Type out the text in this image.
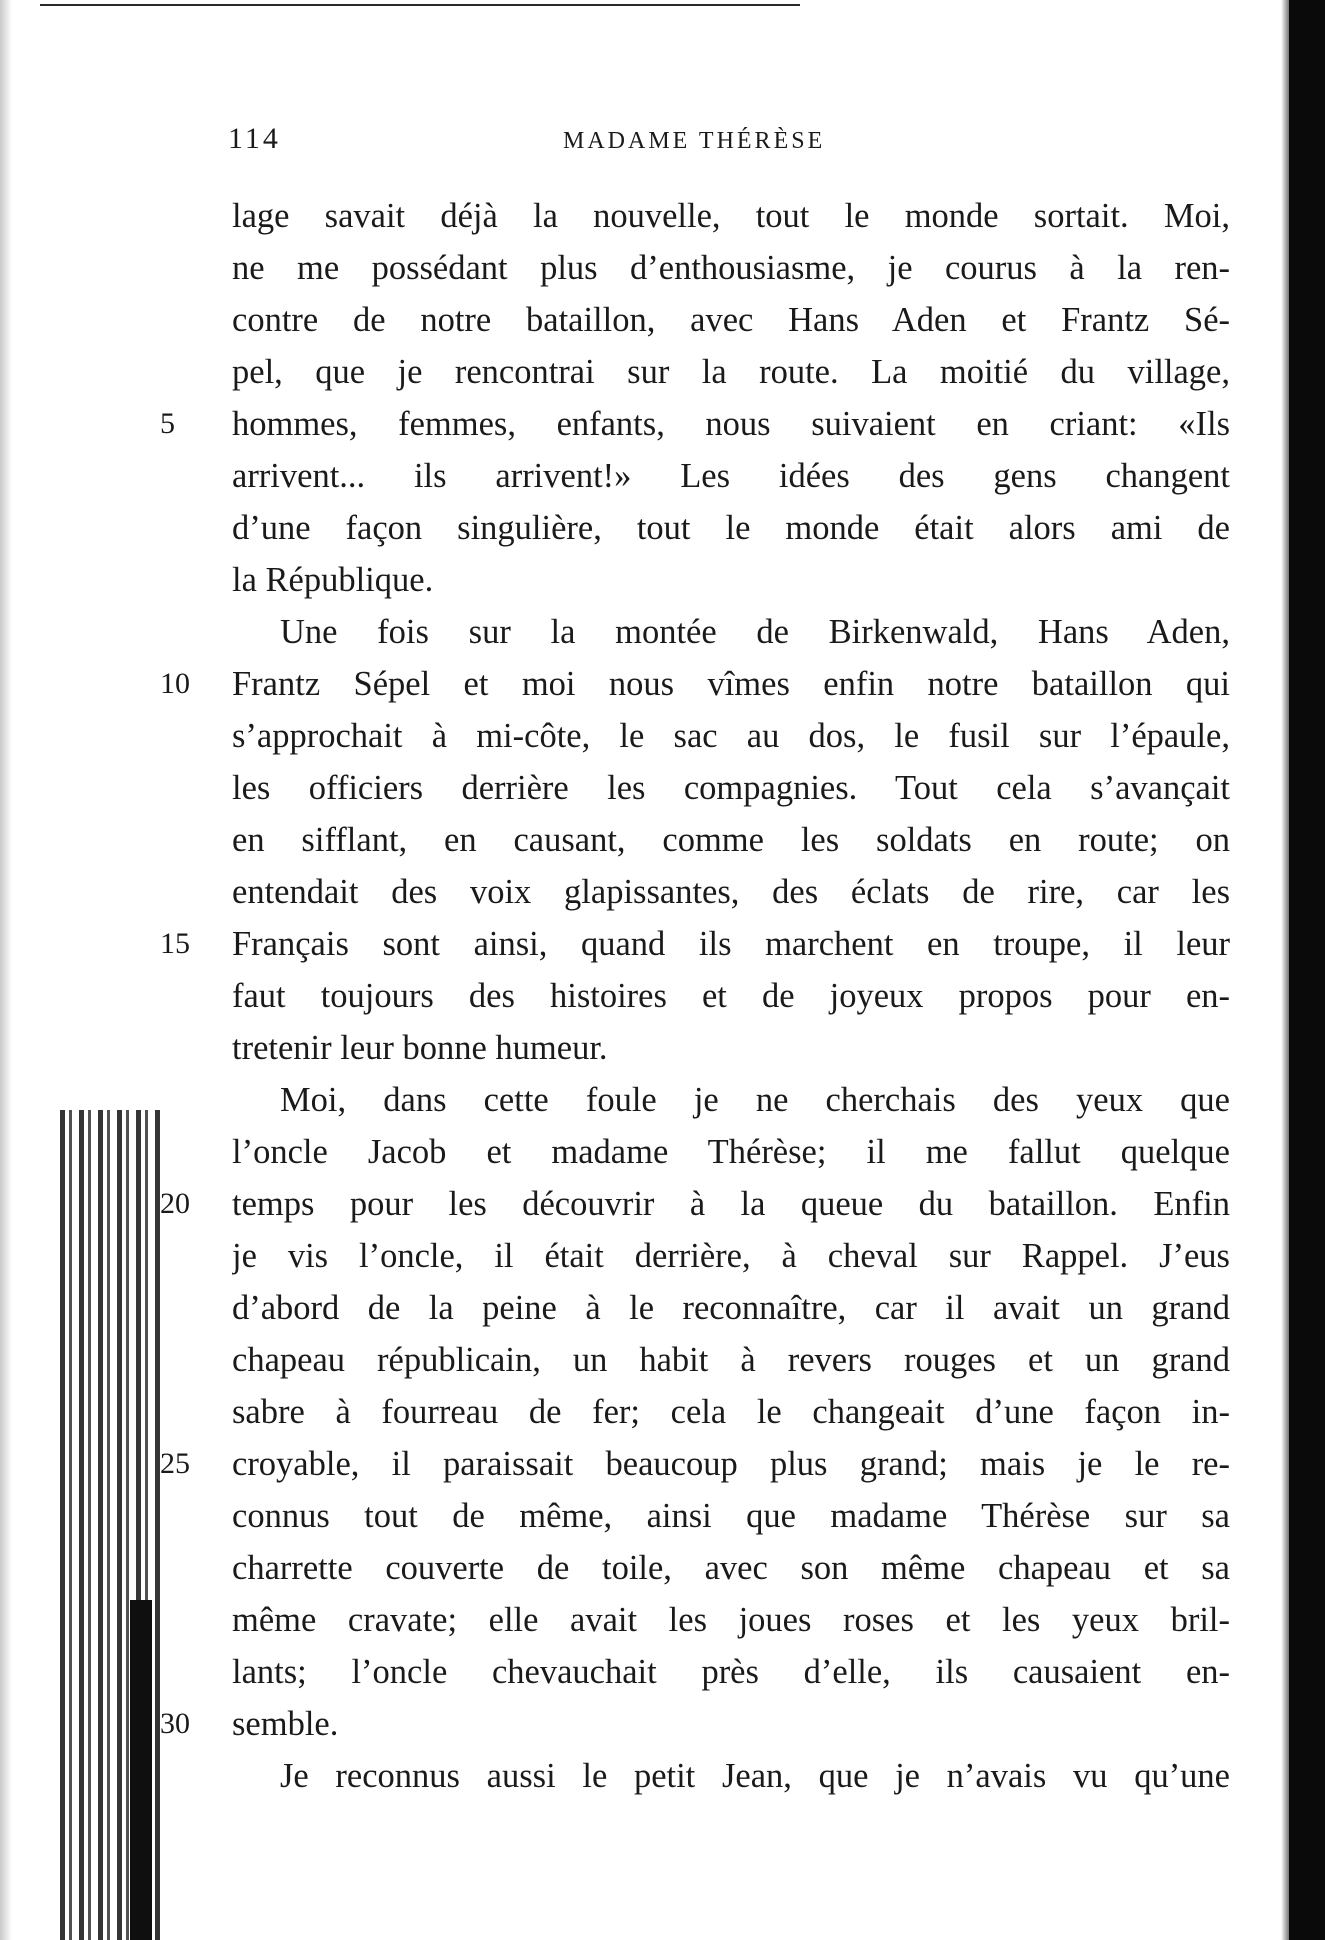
114	MADAME THÉRÈSE
lage savait déjà la nouvelle, tout le monde sortait. Moi,
ne me possédant plus d’enthousiasme, je courus à la ren-
contre de notre bataillon, avec Hans Aden et Frantz Sé-
pel, que je rencontrai sur la route. La moitié du village,
5	hommes, femmes, enfants, nous suivaient en criant: «Ils
arrivent... ils arrivent!» Les idées des gens changent
d’une façon singulière, tout le monde était alors ami de
la République.
Une fois sur la montée de Birkenwald, Hans Aden,
10	Frantz Sépel et moi nous vîmes enfin notre bataillon qui
s’approchait à mi-côte, le sac au dos, le fusil sur l’épaule,
les officiers derrière les compagnies. Tout cela s’avançait
en sifflant, en causant, comme les soldats en route; on
entendait des voix glapissantes, des éclats de rire, car les
15	Français sont ainsi, quand ils marchent en troupe, il leur
faut toujours des histoires et de joyeux propos pour en-
tretenir leur bonne humeur.
Moi, dans cette foule je ne cherchais des yeux que
l’oncle Jacob et madame Thérèse; il me fallut quelque
20	temps pour les découvrir à la queue du bataillon. Enfin
je vis l’oncle, il était derrière, à cheval sur Rappel. J’eus
d’abord de la peine à le reconnaître, car il avait un grand
chapeau républicain, un habit à revers rouges et un grand
sabre à fourreau de fer; cela le changeait d’une façon in-
25	croyable, il paraissait beaucoup plus grand; mais je le re-
connus tout de même, ainsi que madame Thérèse sur sa
charrette couverte de toile, avec son même chapeau et sa
même cravate; elle avait les joues roses et les yeux bril-
lants; l’oncle chevauchait près d’elle, ils causaient en-
30	semble.
Je reconnus aussi le petit Jean, que je n’avais vu qu’une
